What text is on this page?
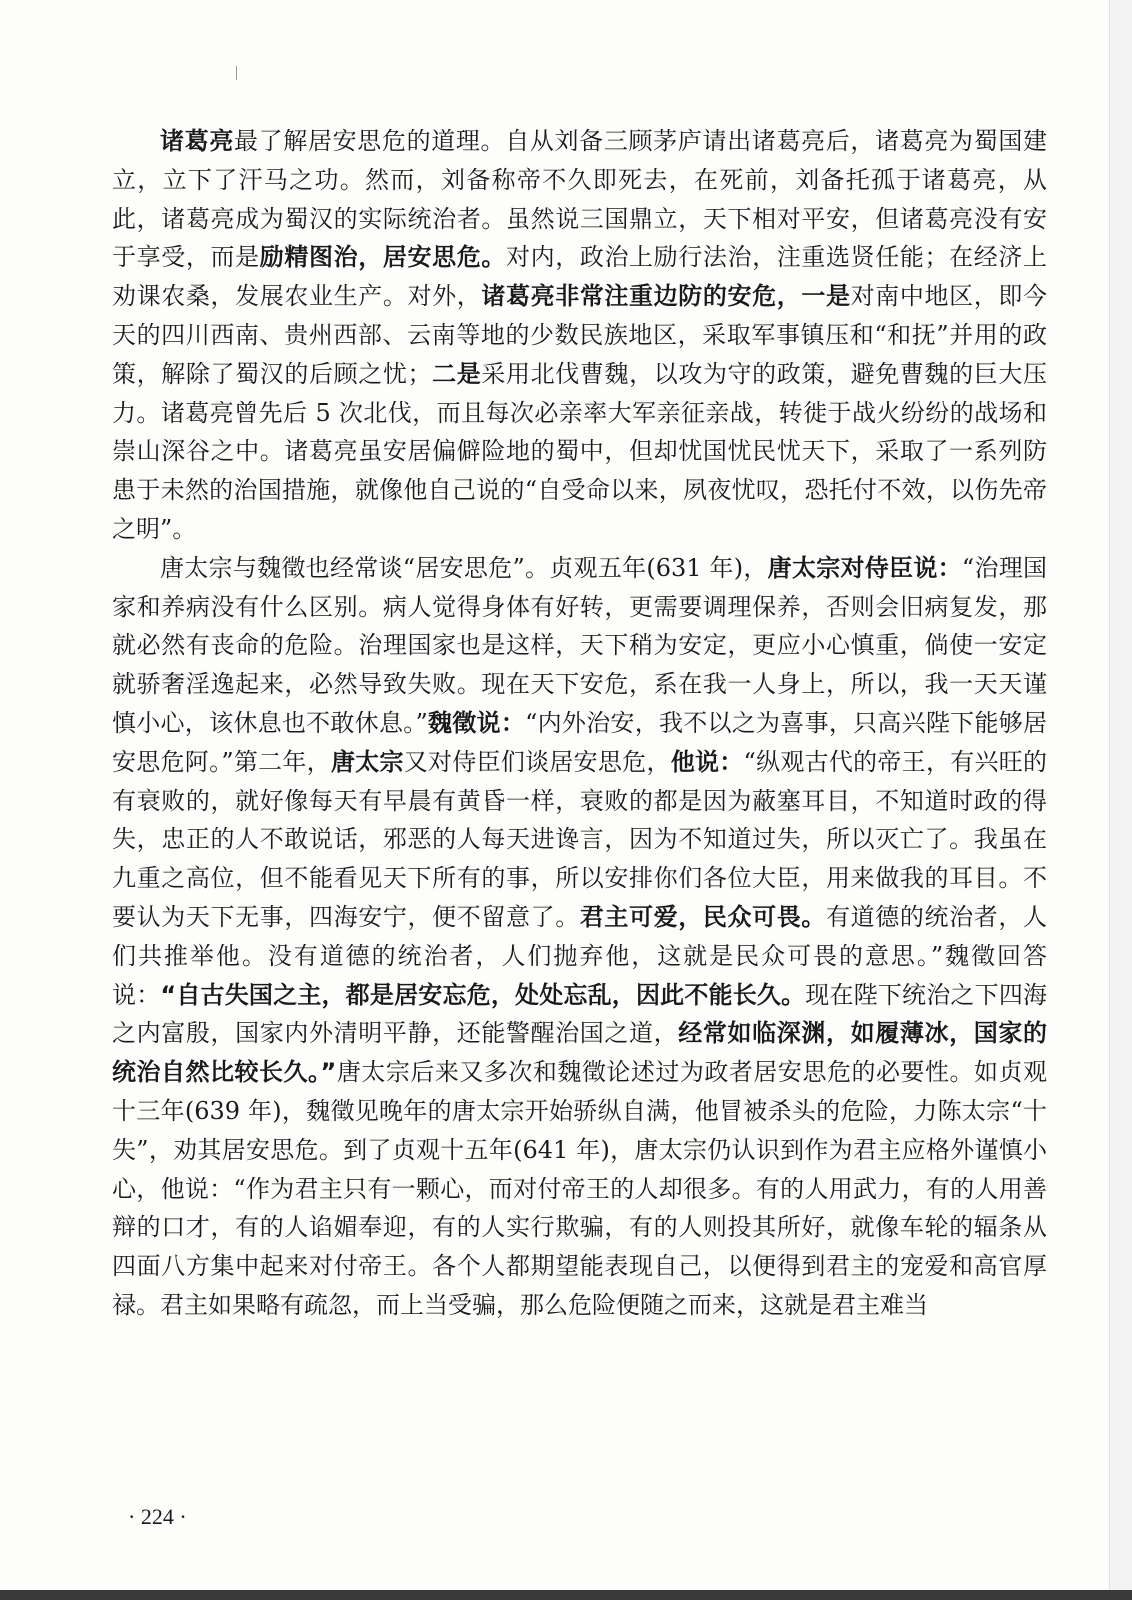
诸葛亮最了解居安思危的道理。自从刘备三顾茅庐请出诸葛亮后，诸葛亮为蜀国建立，立下了汗马之功。然而，刘备称帝不久即死去，在死前，刘备托孤于诸葛亮，从此，诸葛亮成为蜀汉的实际统治者。虽然说三国鼎立，天下相对平安，但诸葛亮没有安于享受，而是励精图治，居安思危。对内，政治上励行法治，注重选贤任能；在经济上劝课农桑，发展农业生产。对外，诸葛亮非常注重边防的安危，一是对南中地区，即今天的四川西南、贵州西部、云南等地的少数民族地区，采取军事镇压和“和抚”并用的政策，解除了蜀汉的后顾之忧；二是采用北伐曹魏，以攻为守的政策，避免曹魏的巨大压力。诸葛亮曾先后 5 次北伐，而且每次必亲率大军亲征亲战，转徙于战火纷纷的战场和崇山深谷之中。诸葛亮虽安居偏僻险地的蜀中，但却忧国忧民忧天下，采取了一系列防患于未然的治国措施，就像他自己说的“自受命以来，夙夜忧叹，恐托付不效，以伤先帝之明”。

唐太宗与魏徵也经常谈“居安思危”。贞观五年(631 年)，唐太宗对侍臣说：“治理国家和养病没有什么区别。病人觉得身体有好转，更需要调理保养，否则会旧病复发，那就必然有丧命的危险。治理国家也是这样，天下稍为安定，更应小心慎重，倘使一安定就骄奢淫逸起来，必然导致失败。现在天下安危，系在我一人身上，所以，我一天天谨慎小心，该休息也不敢休息。”魏徵说：“内外治安，我不以之为喜事，只高兴陛下能够居安思危阿。”第二年，唐太宗又对侍臣们谈居安思危，他说：“纵观古代的帝王，有兴旺的有衰败的，就好像每天有早晨有黄昏一样，衰败的都是因为蔽塞耳目，不知道时政的得失，忠正的人不敢说话，邪恶的人每天进谗言，因为不知道过失，所以灭亡了。我虽在九重之高位，但不能看见天下所有的事，所以安排你们各位大臣，用来做我的耳目。不要认为天下无事，四海安宁，便不留意了。君主可爱，民众可畏。有道德的统治者，人们共推举他。没有道德的统治者，人们抛弃他，这就是民众可畏的意思。”魏徵回答说：“自古失国之主，都是居安忘危，处处忘乱，因此不能长久。现在陛下统治之下四海之内富殷，国家内外清明平静，还能警醒治国之道，经常如临深渊，如履薄冰，国家的统治自然比较长久。”唐太宗后来又多次和魏徵论述过为政者居安思危的必要性。如贞观十三年(639 年)，魏徵见晚年的唐太宗开始骄纵自满，他冒被杀头的危险，力陈太宗“十失”，劝其居安思危。到了贞观十五年(641 年)，唐太宗仍认识到作为君主应格外谨慎小心，他说：“作为君主只有一颗心，而对付帝王的人却很多。有的人用武力，有的人用善辩的口才，有的人谄媚奉迎，有的人实行欺骗，有的人则投其所好，就像车轮的辐条从四面八方集中起来对付帝王。各个人都期望能表现自己，以便得到君主的宠爱和高官厚禄。君主如果略有疏忽，而上当受骗，那么危险便随之而来，这就是君主难当

· 224 ·
